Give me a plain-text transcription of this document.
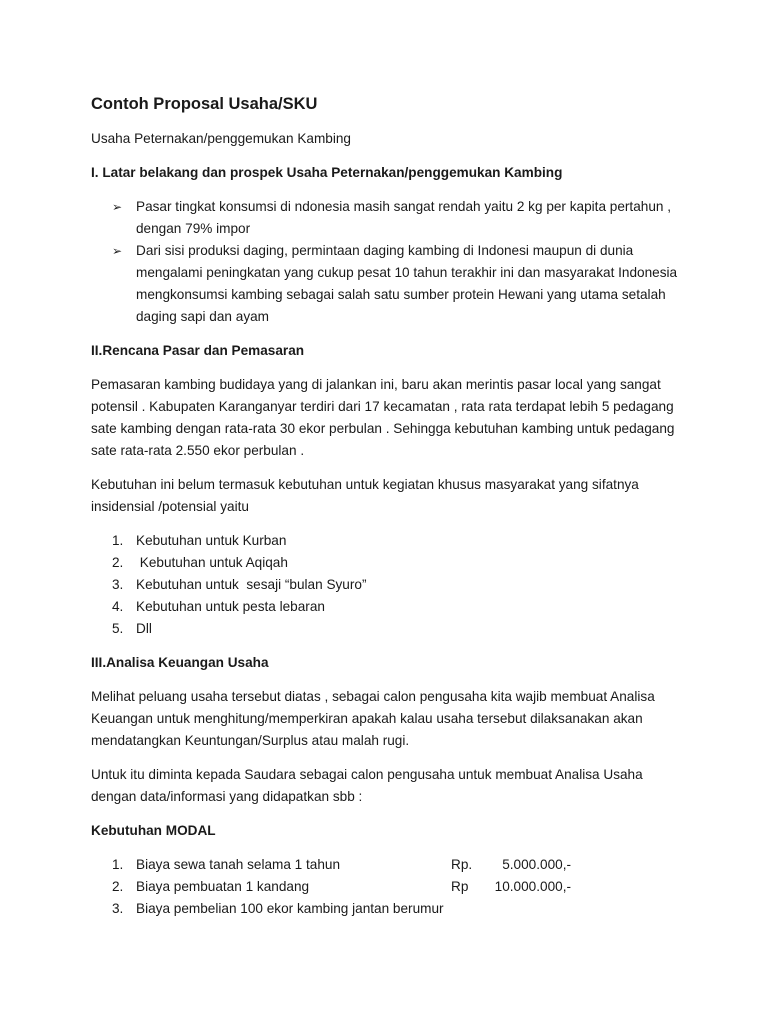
Contoh Proposal Usaha/SKU

Usaha Peternakan/penggemukan Kambing

I. Latar belakang dan prospek Usaha Peternakan/penggemukan Kambing
➢ Pasar tingkat konsumsi di ndonesia masih sangat rendah yaitu 2 kg per kapita pertahun , dengan 79% impor
➢ Dari sisi produksi daging, permintaan daging kambing di Indonesi maupun di dunia mengalami peningkatan yang cukup pesat 10 tahun terakhir ini dan masyarakat Indonesia mengkonsumsi kambing sebagai salah satu sumber protein Hewani yang utama setalah daging sapi dan ayam
II.Rencana Pasar dan Pemasaran

Pemasaran kambing budidaya yang di jalankan ini, baru akan merintis pasar local yang sangat potensil . Kabupaten Karanganyar terdiri dari 17 kecamatan , rata rata terdapat lebih 5 pedagang sate kambing dengan rata-rata 30 ekor perbulan . Sehingga kebutuhan kambing untuk pedagang sate rata-rata 2.550 ekor perbulan .

Kebutuhan ini belum termasuk kebutuhan untuk kegiatan khusus masyarakat yang sifatnya insidensial /potensial yaitu

1. Kebutuhan untuk Kurban
2. Kebutuhan untuk Aqiqah
3. Kebutuhan untuk  sesaji “bulan Syuro”
4. Kebutuhan untuk pesta lebaran
5. Dll
III.Analisa Keuangan Usaha

Melihat peluang usaha tersebut diatas , sebagai calon pengusaha kita wajib membuat Analisa Keuangan untuk menghitung/memperkiran apakah kalau usaha tersebut dilaksanakan akan mendatangkan Keuntungan/Surplus atau malah rugi.

Untuk itu diminta kepada Saudara sebagai calon pengusaha untuk membuat Analisa Usaha dengan data/informasi yang didapatkan sbb :

Kebutuhan MODAL
1. Biaya sewa tanah selama 1 tahun	Rp. 5.000.000,-
2. Biaya pembuatan 1 kandang	Rp 10.000.000,-
3. Biaya pembelian 100 ekor kambing jantan berumur
